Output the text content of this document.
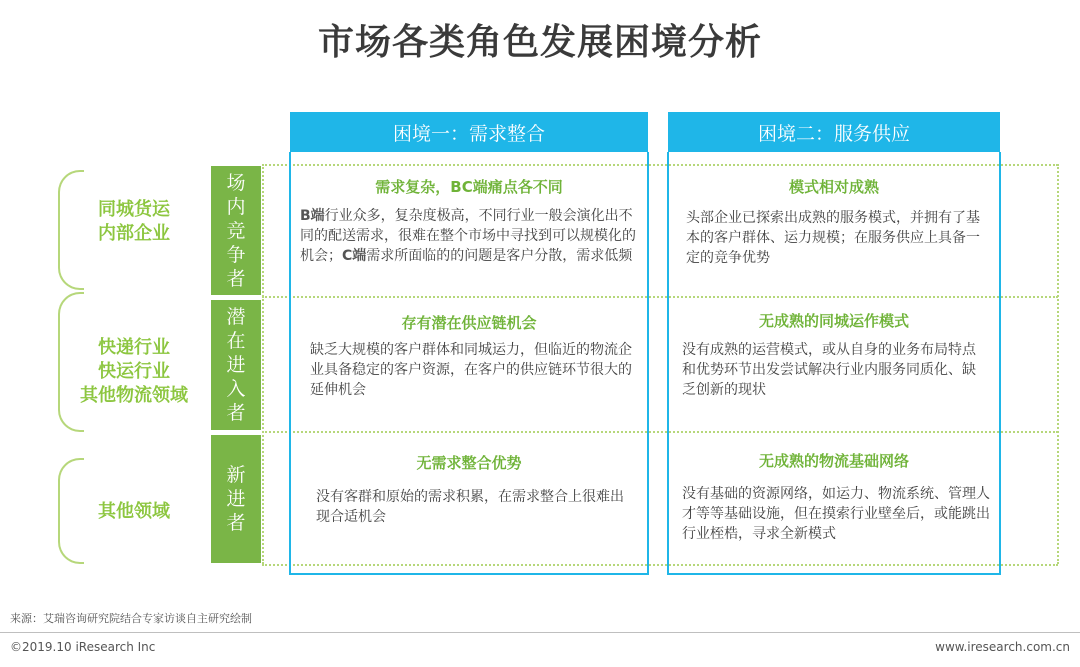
市场各类角色发展困境分析
困境一：需求整合	困境二：服务供应
同城货运
内部企业
快递行业
快运行业
其他物流领域
其他领域
场
内
竞
争
者
潜
在
进
入
者
新
进
者
需求复杂，BC端痛点各不同
B端行业众多，复杂度极高，不同行业一般会演化出不同的配送需求，很难在整个市场中寻找到可以规模化的机会；C端需求所面临的的问题是客户分散，需求低频
模式相对成熟
头部企业已探索出成熟的服务模式，并拥有了基本的客户群体、运力规模；在服务供应上具备一定的竞争优势
存有潜在供应链机会
缺乏大规模的客户群体和同城运力，但临近的物流企业具备稳定的客户资源，在客户的供应链环节很大的延伸机会
无成熟的同城运作模式
没有成熟的运营模式，或从自身的业务布局特点和优势环节出发尝试解决行业内服务同质化、缺乏创新的现状
无需求整合优势
没有客群和原始的需求积累，在需求整合上很难出现合适机会
无成熟的物流基础网络
没有基础的资源网络，如运力、物流系统、管理人才等等基础设施，但在摸索行业壁垒后，或能跳出行业桎梏，寻求全新模式
来源：艾瑞咨询研究院结合专家访谈自主研究绘制
©2019.10 iResearch Inc	www.iresearch.com.cn
